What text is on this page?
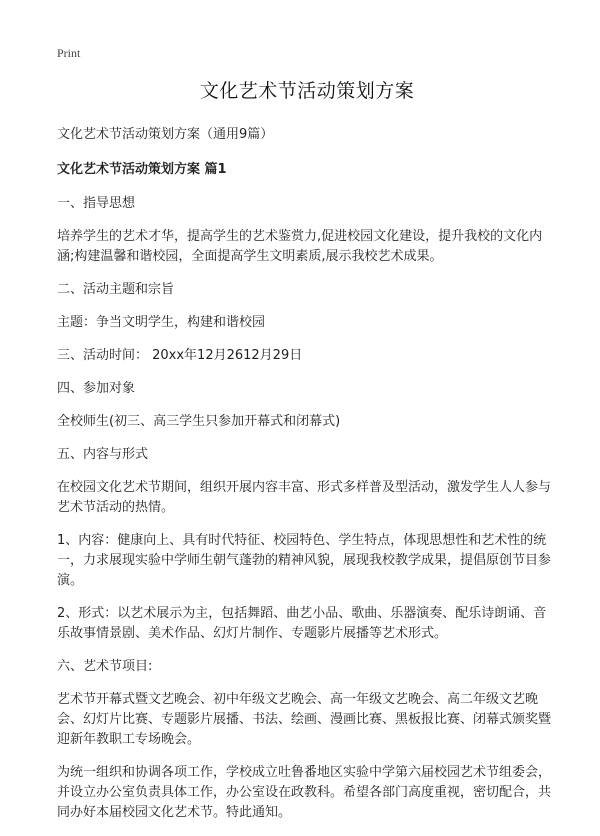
Print
文化艺术节活动策划方案
文化艺术节活动策划方案（通用9篇）
文化艺术节活动策划方案 篇1
一、指导思想
培养学生的艺术才华，提高学生的艺术鉴赏力,促进校园文化建设，提升我校的文化内涵;构建温馨和谐校园，全面提高学生文明素质,展示我校艺术成果。
二、活动主题和宗旨
主题：争当文明学生，构建和谐校园
三、活动时间： 20xx年12月2612月29日
四、参加对象
全校师生(初三、高三学生只参加开幕式和闭幕式)
五、内容与形式
在校园文化艺术节期间，组织开展内容丰富、形式多样普及型活动，激发学生人人参与艺术节活动的热情。
1、内容：健康向上、具有时代特征、校园特色、学生特点，体现思想性和艺术性的统一，力求展现实验中学师生朝气蓬勃的精神风貌，展现我校教学成果，提倡原创节目参演。
2、形式：以艺术展示为主，包括舞蹈、曲艺小品、歌曲、乐器演奏、配乐诗朗诵、音乐故事情景剧、美术作品、幻灯片制作、专题影片展播等艺术形式。
六、艺术节项目:
艺术节开幕式暨文艺晚会、初中年级文艺晚会、高一年级文艺晚会、高二年级文艺晚会、幻灯片比赛、专题影片展播、书法、绘画、漫画比赛、黑板报比赛、闭幕式颁奖暨迎新年教职工专场晚会。
为统一组织和协调各项工作，学校成立吐鲁番地区实验中学第六届校园艺术节组委会，并设立办公室负责具体工作，办公室设在政教科。希望各部门高度重视，密切配合，共同办好本届校园文化艺术节。特此通知。
